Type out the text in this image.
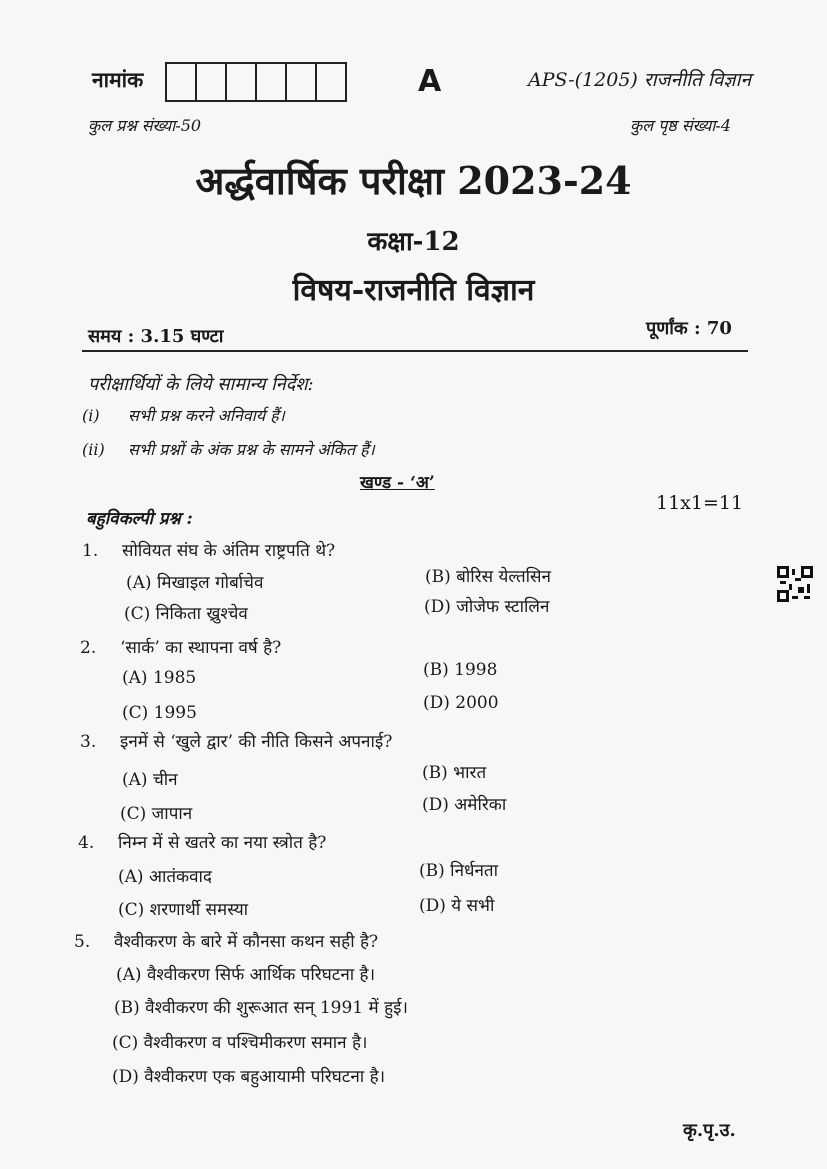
नामांक	A	APS-(1205) राजनीति विज्ञान
कुल प्रश्न संख्या-50	कुल पृष्ठ संख्या-4
अर्द्धवार्षिक परीक्षा 2023-24
कक्षा-12
विषय-राजनीति विज्ञान
समय : 3.15 घण्टा	पूर्णांक : 70
परीक्षार्थियों के लिये सामान्य निर्देश:
(i) सभी प्रश्न करने अनिवार्य हैं।
(ii) सभी प्रश्नों के अंक प्रश्न के सामने अंकित हैं।
खण्ड - ‘अ’
11x1=11
बहुविकल्पी प्रश्न :
1. सोवियत संघ के अंतिम राष्ट्रपति थे?
(A) मिखाइल गोर्बाचेव	(B) बोरिस येल्तसिन
(C) निकिता ख्रुश्चेव	(D) जोजेफ स्टालिन
2. ‘सार्क’ का स्थापना वर्ष है?
(A) 1985	(B) 1998
(C) 1995	(D) 2000
3. इनमें से ‘खुले द्वार’ की नीति किसने अपनाई?
(A) चीन	(B) भारत
(C) जापान	(D) अमेरिका
4. निम्न में से खतरे का नया स्त्रोत है?
(A) आतंकवाद	(B) निर्धनता
(C) शरणार्थी समस्या	(D) ये सभी
5. वैश्वीकरण के बारे में कौनसा कथन सही है?
(A) वैश्वीकरण सिर्फ आर्थिक परिघटना है।
(B) वैश्वीकरण की शुरूआत सन् 1991 में हुई।
(C) वैश्वीकरण व पश्चिमीकरण समान है।
(D) वैश्वीकरण एक बहुआयामी परिघटना है।
कृ.पृ.उ.
